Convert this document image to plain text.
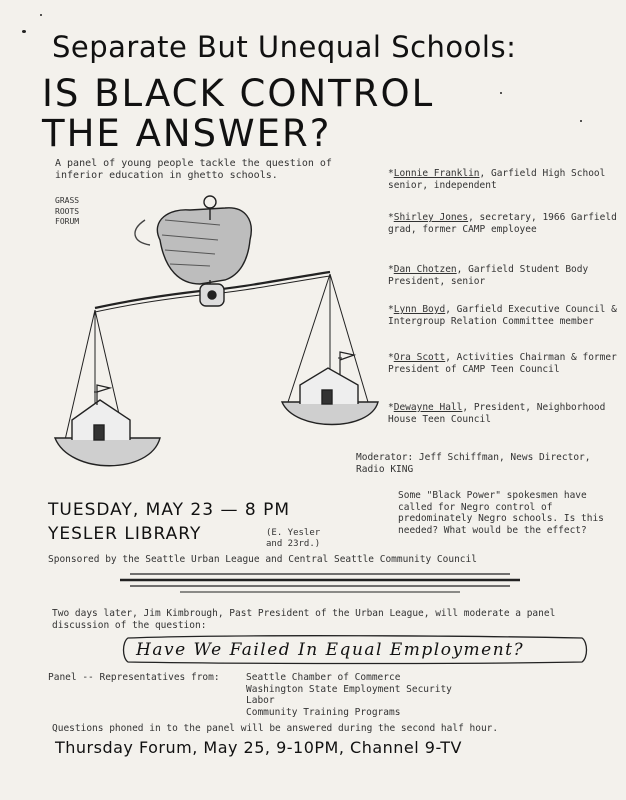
Separate But Unequal Schools:
IS BLACK CONTROL
THE ANSWER?
A panel of young people tackle the question of inferior education in ghetto schools.
GRASS
ROOTS
FORUM
*Lonnie Franklin, Garfield High School senior, independent
*Shirley Jones, secretary, 1966 Garfield grad, former CAMP employee
*Dan Chotzen, Garfield Student Body President, senior
*Lynn Boyd, Garfield Executive Council & Intergroup Relation Committee member
*Ora Scott, Activities Chairman & former President of CAMP Teen Council
*Dewayne Hall, President, Neighborhood House Teen Council
Moderator: Jeff Schiffman, News Director, Radio KING
Some "Black Power" spokesmen have called for Negro control of predominately Negro schools. Is this needed? What would be the effect?
TUESDAY, MAY 23 — 8 PM
YESLER LIBRARY	(E. Yesler
and 23rd.)
Sponsored by the Seattle Urban League and Central Seattle Community Council
Two days later, Jim Kimbrough, Past President of the Urban League, will moderate a panel discussion of the question:
Have We Failed In Equal Employment?
Panel -- Representatives from:	Seattle Chamber of Commerce
Washington State Employment Security
Labor
Community Training Programs
Questions phoned in to the panel will be answered during the second half hour.
Thursday Forum, May 25, 9-10PM, Channel 9-TV
